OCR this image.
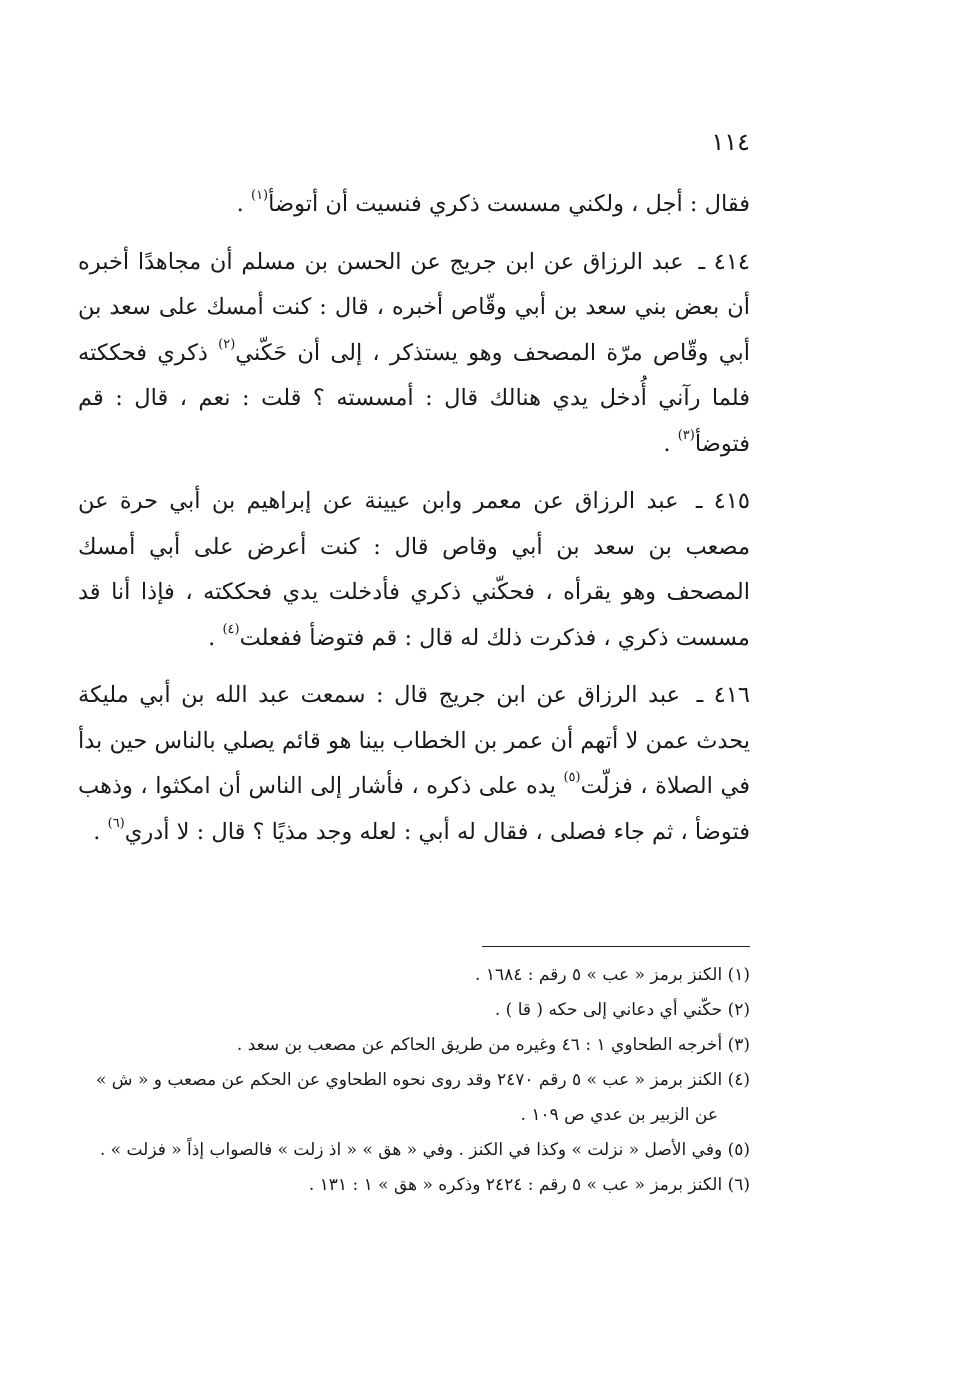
١١٤

فقال : أجل ، ولكني مسست ذكري فنسيت أن أتوضأ$^{(١)}$ .

٤١٤ ـ عبد الرزاق عن ابن جريج عن الحسن بن مسلم أن مجاهدًا أخبره أن بعض بني سعد بن أبي وقّاص أخبره ، قال : كنت أمسك على سعد بن أبي وقّاص مرّة المصحف وهو يستذكر ، إلى أن حَكّني$^{(٢)}$ ذكري فحككته فلما رآني أُدخل يدي هنالك قال : أمسسته ؟ قلت : نعم ، قال : قم فتوضأ$^{(٣)}$ .

٤١٥ ـ عبد الرزاق عن معمر وابن عيينة عن إبراهيم بن أبي حرة عن مصعب بن سعد بن أبي وقاص قال : كنت أعرض على أبي أمسك المصحف وهو يقرأه ، فحكّني ذكري فأدخلت يدي فحككته ، فإذا أنا قد مسست ذكري ، فذكرت ذلك له قال : قم فتوضأ ففعلت$^{(٤)}$ .

٤١٦ ـ عبد الرزاق عن ابن جريج قال : سمعت عبد الله بن أبي مليكة يحدث عمن لا أتهم أن عمر بن الخطاب بينا هو قائم يصلي بالناس حين بدأ في الصلاة ، فزلّت$^{(٥)}$ يده على ذكره ، فأشار إلى الناس أن امكثوا ، وذهب فتوضأ ، ثم جاء فصلى ، فقال له أبي : لعله وجد مذيًا ؟ قال : لا أدري$^{(٦)}$ .

(١) الكنز برمز « عب » ٥ رقم : ١٦٨٤ .

(٢) حكّني أي دعاني إلى حكه ( قا ) .

(٣) أخرجه الطحاوي ١ : ٤٦ وغيره من طريق الحاكم عن مصعب بن سعد .

(٤) الكنز برمز « عب » ٥ رقم ٢٤٧٠ وقد روى نحوه الطحاوي عن الحكم عن مصعب و « ش » عن الزبير بن عدي ص ١٠٩ .

(٥) وفي الأصل « نزلت » وكذا في الكنز . وفي « هق » « اذ زلت » فالصواب إذاً « فزلت » .

(٦) الكنز برمز « عب » ٥ رقم : ٢٤٢٤ وذكره « هق » ١ : ١٣١ .
